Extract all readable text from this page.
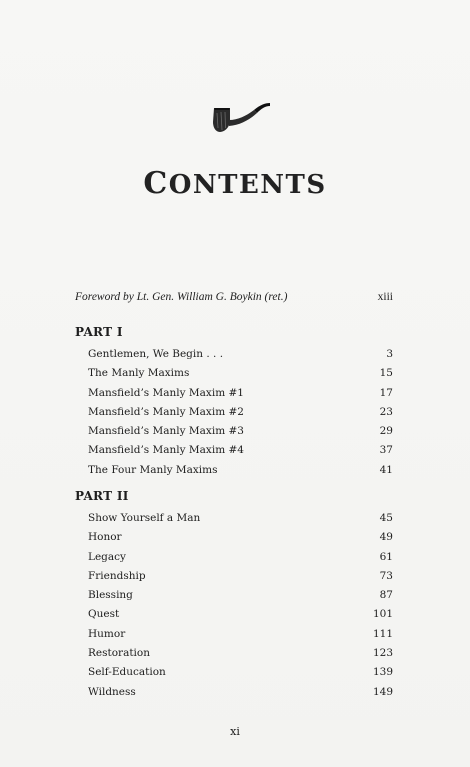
CONTENTS
Foreword by Lt. Gen. William G. Boykin (ret.)	xiii
PART I
Gentlemen, We Begin . . .	3
The Manly Maxims	15
Mansfield’s Manly Maxim #1	17
Mansfield’s Manly Maxim #2	23
Mansfield’s Manly Maxim #3	29
Mansfield’s Manly Maxim #4	37
The Four Manly Maxims	41
PART II
Show Yourself a Man	45
Honor	49
Legacy	61
Friendship	73
Blessing	87
Quest	101
Humor	111
Restoration	123
Self-Education	139
Wildness	149
xi
